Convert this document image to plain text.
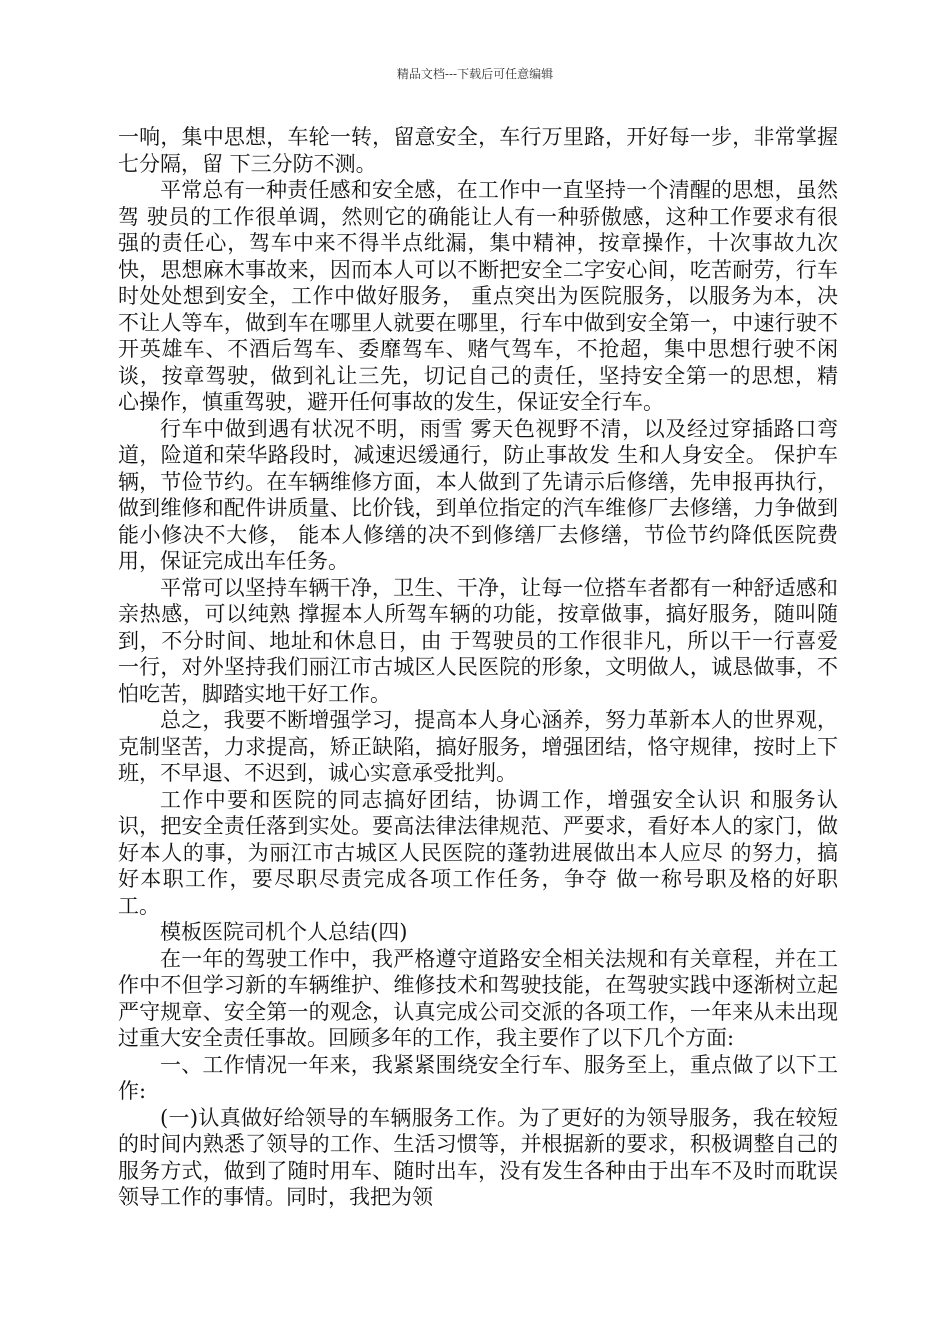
精品文档---下载后可任意编辑

一响，集中思想，车轮一转，留意安全，车行万里路，开好每一步，非常掌握七分隔，留 下三分防不测。

平常总有一种责任感和安全感，在工作中一直坚持一个清醒的思想，虽然驾 驶员的工作很单调，然则它的确能让人有一种骄傲感，这种工作要求有很强的责任心，驾车中来不得半点纰漏，集中精神，按章操作，十次事故九次快，思想麻木事故来，因而本人可以不断把安全二字安心间，吃苦耐劳，行车时处处想到安全，工作中做好服务， 重点突出为医院服务，以服务为本，决不让人等车，做到车在哪里人就要在哪里，行车中做到安全第一，中速行驶不开英雄车、不酒后驾车、委靡驾车、赌气驾车，不抢超，集中思想行驶不闲谈，按章驾驶，做到礼让三先，切记自己的责任，坚持安全第一的思想，精 心操作，慎重驾驶，避开任何事故的发生，保证安全行车。

行车中做到遇有状况不明，雨雪 雾天色视野不清，以及经过穿插路口弯道，险道和荣华路段时，减速迟缓通行，防止事故发 生和人身安全。 保护车辆，节俭节约。在车辆维修方面，本人做到了先请示后修缮，先申报再执行，做到维修和配件讲质量、比价钱，到单位指定的汽车维修厂去修缮，力争做到能小修决不大修， 能本人修缮的决不到修缮厂去修缮，节俭节约降低医院费用，保证完成出车任务。

平常可以坚持车辆干净，卫生、干净，让每一位搭车者都有一种舒适感和亲热感，可以纯熟 撑握本人所驾车辆的功能，按章做事，搞好服务，随叫随到，不分时间、地址和休息日，由 于驾驶员的工作很非凡，所以干一行喜爱一行，对外坚持我们丽江市古城区人民医院的形象，文明做人，诚恳做事，不怕吃苦，脚踏实地干好工作。

总之，我要不断增强学习，提高本人身心涵养，努力革新本人的世界观， 克制坚苦，力求提高，矫正缺陷，搞好服务，增强团结，恪守规律，按时上下班，不早退、不迟到，诚心实意承受批判。

工作中要和医院的同志搞好团结，协调工作，增强安全认识 和服务认识，把安全责任落到实处。要高法律法律规范、严要求，看好本人的家门，做好本人的事，为丽江市古城区人民医院的蓬勃进展做出本人应尽 的努力，搞好本职工作，要尽职尽责完成各项工作任务，争夺 做一称号职及格的好职工。

模板医院司机个人总结(四)

在一年的驾驶工作中，我严格遵守道路安全相关法规和有关章程，并在工作中不但学习新的车辆维护、维修技术和驾驶技能，在驾驶实践中逐渐树立起严守规章、安全第一的观念，认真完成公司交派的各项工作，一年来从未出现过重大安全责任事故。回顾多年的工作，我主要作了以下几个方面:

一、工作情况一年来，我紧紧围绕安全行车、服务至上，重点做了以下工作:

(一)认真做好给领导的车辆服务工作。为了更好的为领导服务，我在较短的时间内熟悉了领导的工作、生活习惯等，并根据新的要求，积极调整自己的服务方式，做到了随时用车、随时出车，没有发生各种由于出车不及时而耽误领导工作的事情。同时，我把为领
